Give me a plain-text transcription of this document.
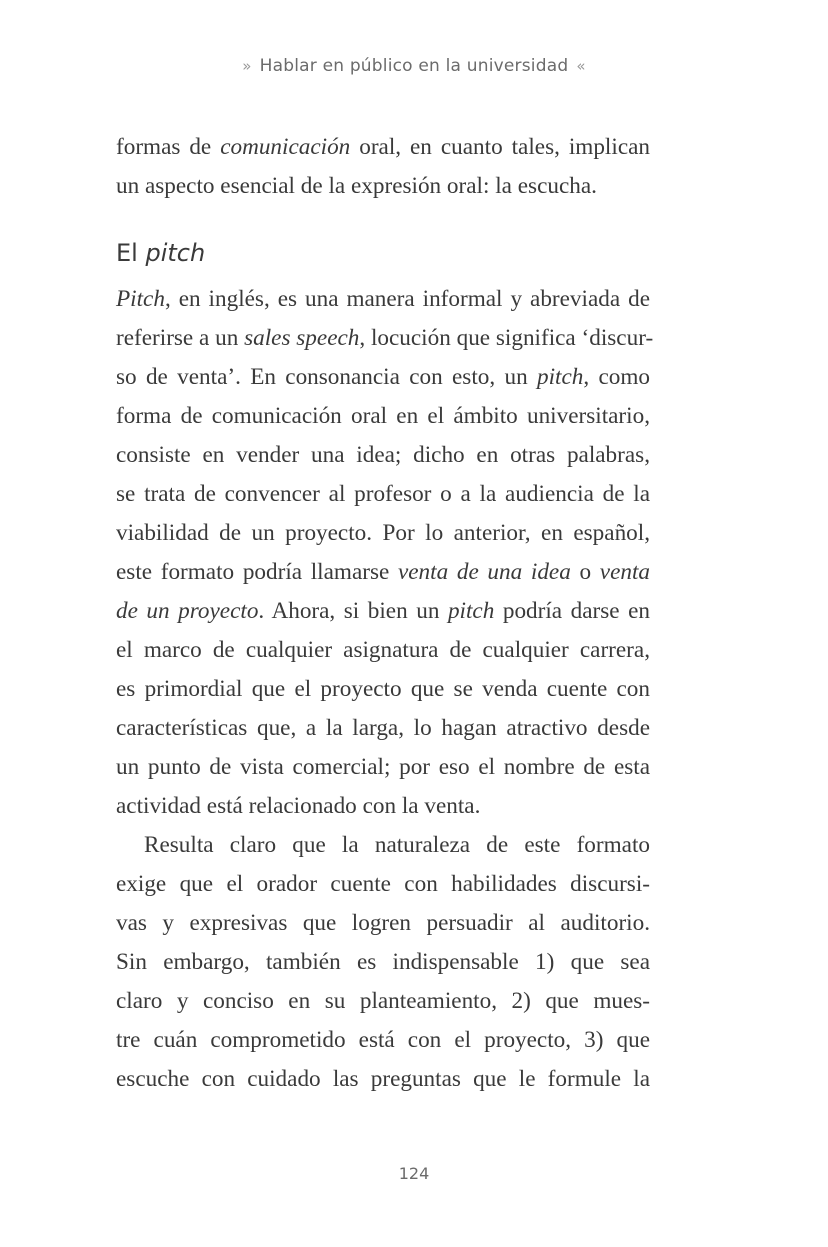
» Hablar en público en la universidad «
formas de comunicación oral, en cuanto tales, implican
un aspecto esencial de la expresión oral: la escucha.
El pitch
Pitch, en inglés, es una manera informal y abreviada de
referirse a un sales speech, locución que significa ‘discur-
so de venta’. En consonancia con esto, un pitch, como
forma de comunicación oral en el ámbito universitario,
consiste en vender una idea; dicho en otras palabras,
se trata de convencer al profesor o a la audiencia de la
viabilidad de un proyecto. Por lo anterior, en español,
este formato podría llamarse venta de una idea o venta
de un proyecto. Ahora, si bien un pitch podría darse en
el marco de cualquier asignatura de cualquier carrera,
es primordial que el proyecto que se venda cuente con
características que, a la larga, lo hagan atractivo desde
un punto de vista comercial; por eso el nombre de esta
actividad está relacionado con la venta.
Resulta claro que la naturaleza de este formato
exige que el orador cuente con habilidades discursi-
vas y expresivas que logren persuadir al auditorio.
Sin embargo, también es indispensable 1) que sea
claro y conciso en su planteamiento, 2) que mues-
tre cuán comprometido está con el proyecto, 3) que
escuche con cuidado las preguntas que le formule la
124
